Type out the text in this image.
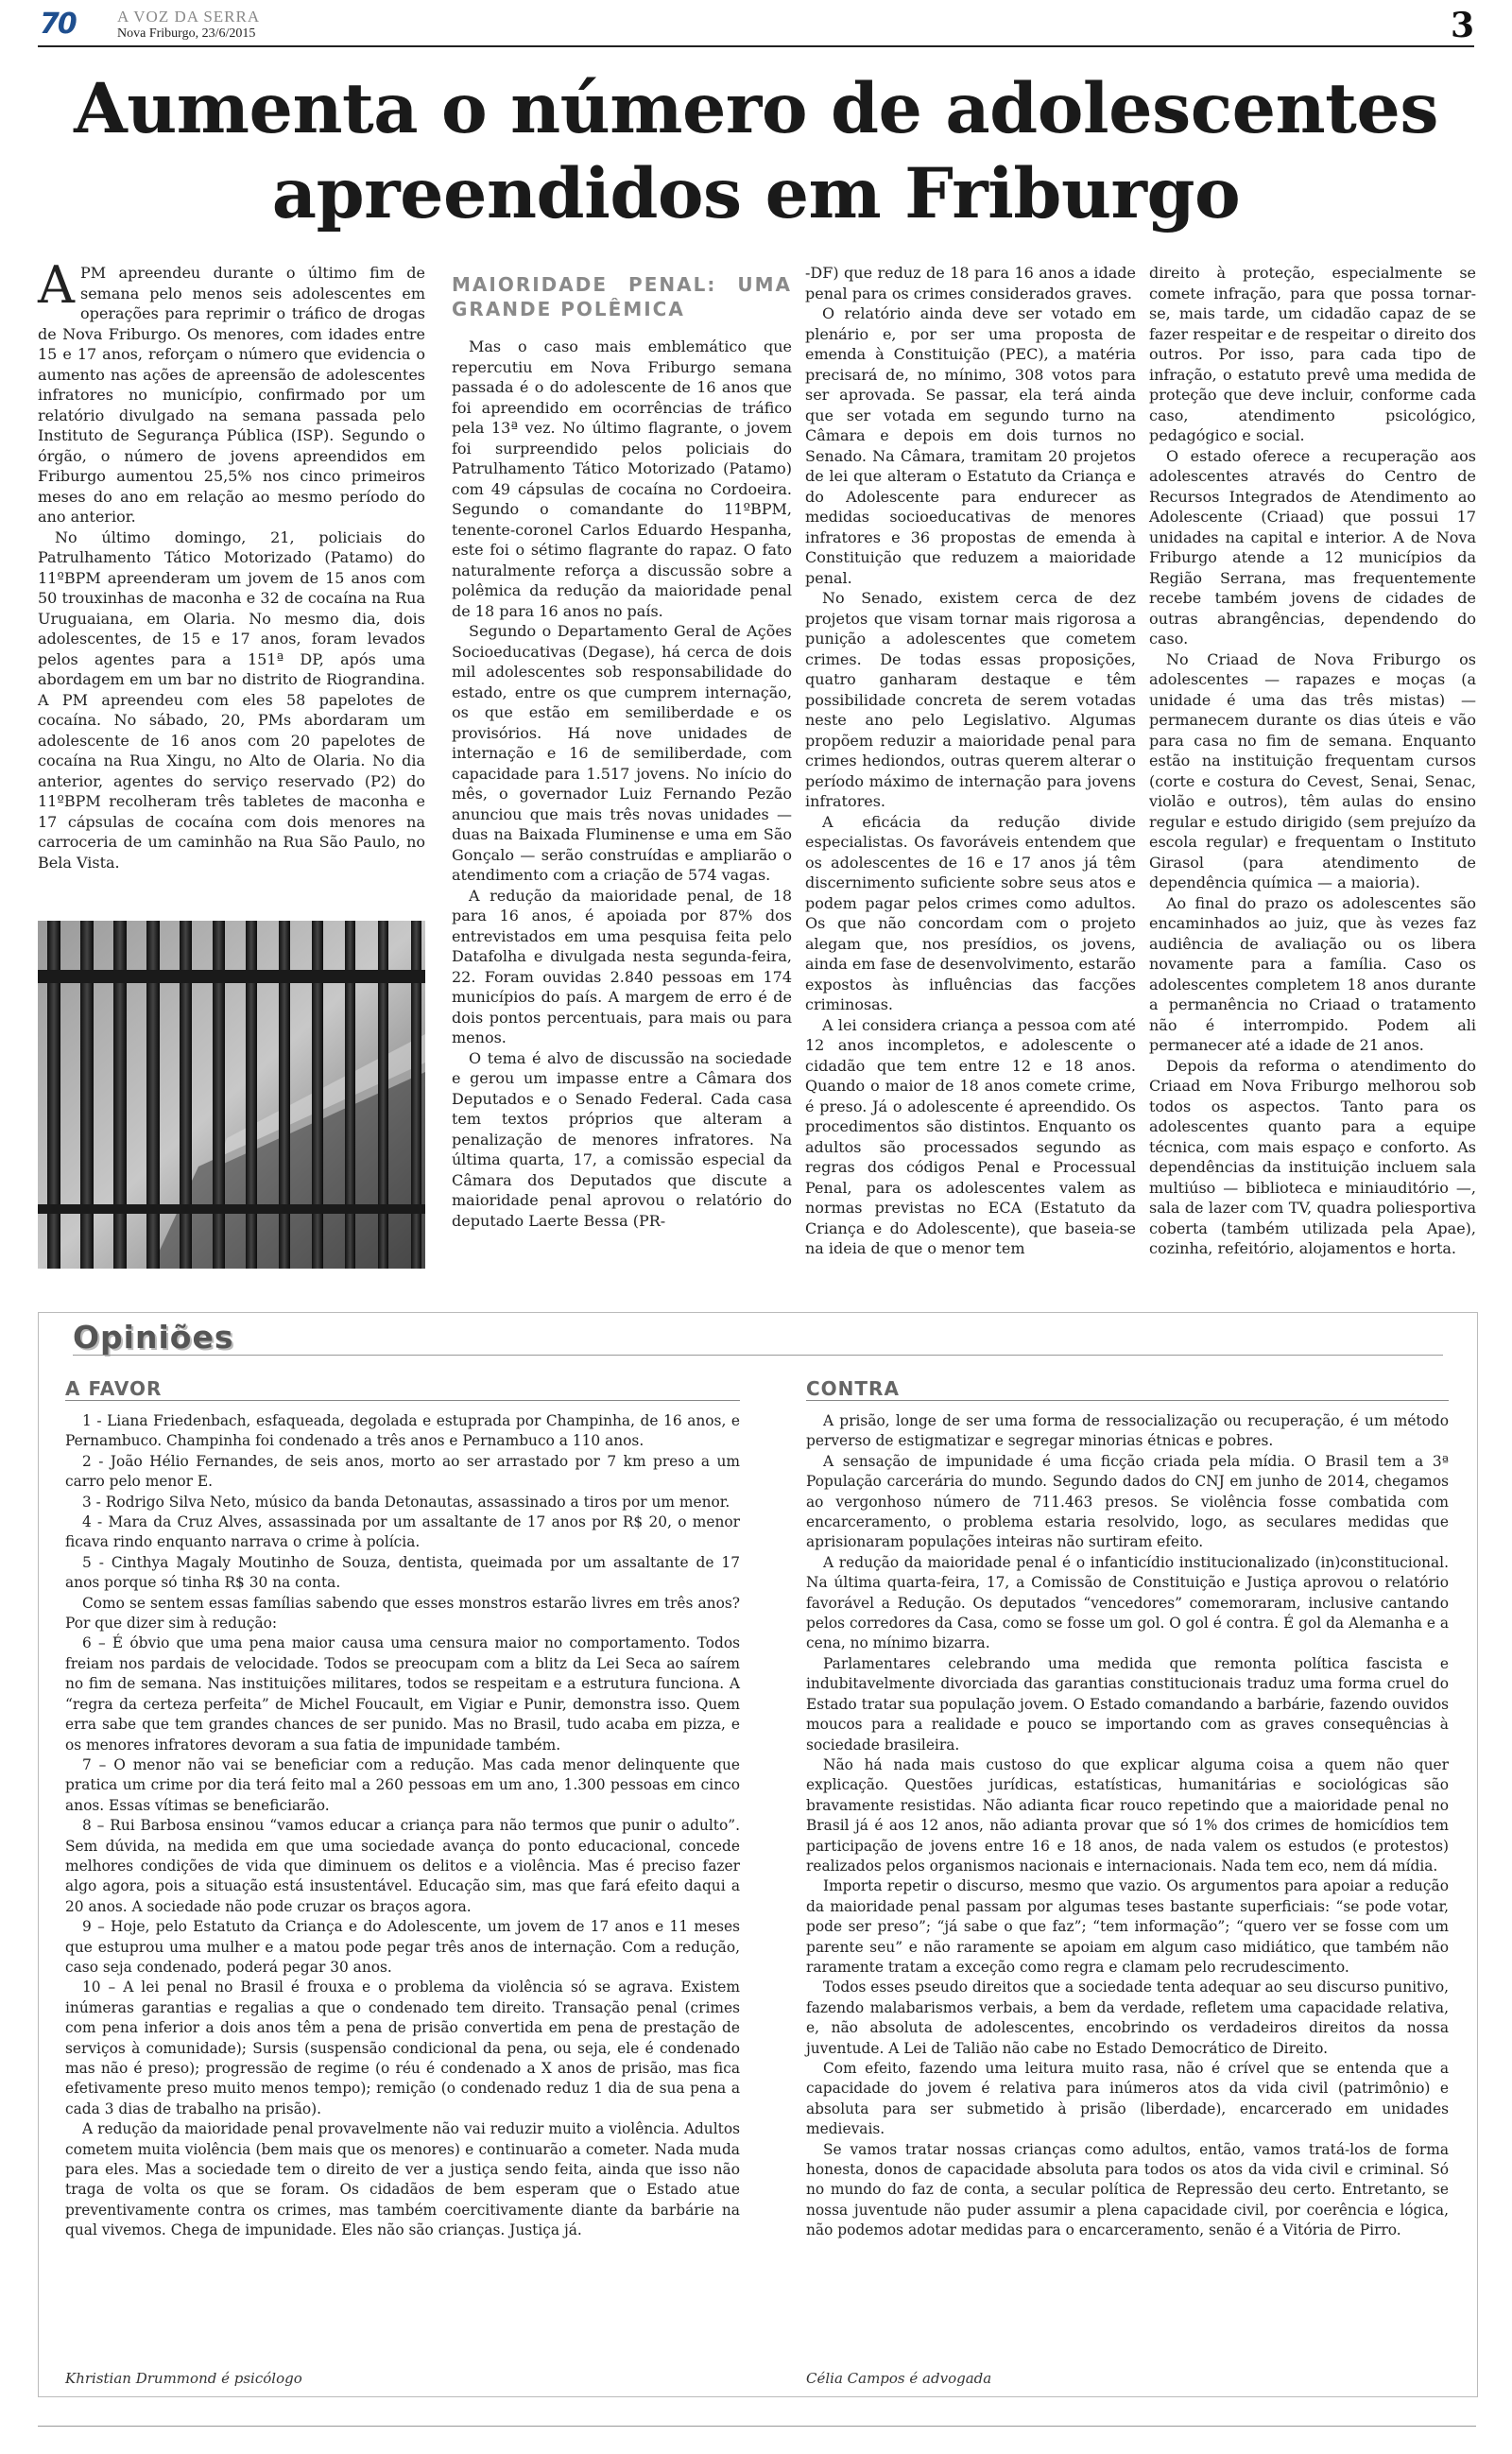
70	A VOZ DA SERRA
Nova Friburgo, 23/6/2015	3
Aumenta o número de adolescentes
apreendidos em Friburgo

APM apreendeu durante o último fim de semana pelo menos seis adolescentes em operações para reprimir o tráfico de drogas de Nova Friburgo. Os menores, com idades entre 15 e 17 anos, reforçam o número que evidencia o aumento nas ações de apreensão de adolescentes infratores no município, confirmado por um relatório divulgado na semana passada pelo Instituto de Segurança Pública (ISP). Segundo o órgão, o número de jovens apreendidos em Friburgo aumentou 25,5% nos cinco primeiros meses do ano em relação ao mesmo período do ano anterior.

No último domingo, 21, policiais do Patrulhamento Tático Motorizado (Patamo) do 11ºBPM apreenderam um jovem de 15 anos com 50 trouxinhas de maconha e 32 de cocaína na Rua Uruguaiana, em Olaria. No mesmo dia, dois adolescentes, de 15 e 17 anos, foram levados pelos agentes para a 151ª DP, após uma abordagem em um bar no distrito de Riograndina. A PM apreendeu com eles 58 papelotes de cocaína. No sábado, 20, PMs abordaram um adolescente de 16 anos com 20 papelotes de cocaína na Rua Xingu, no Alto de Olaria. No dia anterior, agentes do serviço reservado (P2) do 11ºBPM recolheram três tabletes de maconha e 17 cápsulas de cocaína com dois menores na carroceria de um caminhão na Rua São Paulo, no Bela Vista.

MAIORIDADE PENAL: UMA GRANDE POLÊMICA

Mas o caso mais emblemático que repercutiu em Nova Friburgo semana passada é o do adolescente de 16 anos que foi apreendido em ocorrências de tráfico pela 13ª vez. No último flagrante, o jovem foi surpreendido pelos policiais do Patrulhamento Tático Motorizado (Patamo) com 49 cápsulas de cocaína no Cordoeira. Segundo o comandante do 11ºBPM, tenente-coronel Carlos Eduardo Hespanha, este foi o sétimo flagrante do rapaz. O fato naturalmente reforça a discussão sobre a polêmica da redução da maioridade penal de 18 para 16 anos no país.

Segundo o Departamento Geral de Ações Socioeducativas (Degase), há cerca de dois mil adolescentes sob responsabilidade do estado, entre os que cumprem internação, os que estão em semiliberdade e os provisórios. Há nove unidades de internação e 16 de semiliberdade, com capacidade para 1.517 jovens. No início do mês, o governador Luiz Fernando Pezão anunciou que mais três novas unidades — duas na Baixada Fluminense e uma em São Gonçalo — serão construídas e ampliarão o atendimento com a criação de 574 vagas.

A redução da maioridade penal, de 18 para 16 anos, é apoiada por 87% dos entrevistados em uma pesquisa feita pelo Datafolha e divulgada nesta segunda-feira, 22. Foram ouvidas 2.840 pessoas em 174 municípios do país. A margem de erro é de dois pontos percentuais, para mais ou para menos.

O tema é alvo de discussão na sociedade e gerou um impasse entre a Câmara dos Deputados e o Senado Federal. Cada casa tem textos próprios que alteram a penalização de menores infratores. Na última quarta, 17, a comissão especial da Câmara dos Deputados que discute a maioridade penal aprovou o relatório do deputado Laerte Bessa (PR-

-DF) que reduz de 18 para 16 anos a idade penal para os crimes considerados graves.

O relatório ainda deve ser votado em plenário e, por ser uma proposta de emenda à Constituição (PEC), a matéria precisará de, no mínimo, 308 votos para ser aprovada. Se passar, ela terá ainda que ser votada em segundo turno na Câmara e depois em dois turnos no Senado. Na Câmara, tramitam 20 projetos de lei que alteram o Estatuto da Criança e do Adolescente para endurecer as medidas socioeducativas de menores infratores e 36 propostas de emenda à Constituição que reduzem a maioridade penal.

No Senado, existem cerca de dez projetos que visam tornar mais rigorosa a punição a adolescentes que cometem crimes. De todas essas proposições, quatro ganharam destaque e têm possibilidade concreta de serem votadas neste ano pelo Legislativo. Algumas propõem reduzir a maioridade penal para crimes hediondos, outras querem alterar o período máximo de internação para jovens infratores.

A eficácia da redução divide especialistas. Os favoráveis entendem que os adolescentes de 16 e 17 anos já têm discernimento suficiente sobre seus atos e podem pagar pelos crimes como adultos. Os que não concordam com o projeto alegam que, nos presídios, os jovens, ainda em fase de desenvolvimento, estarão expostos às influências das facções criminosas.

A lei considera criança a pessoa com até 12 anos incompletos, e adolescente o cidadão que tem entre 12 e 18 anos. Quando o maior de 18 anos comete crime, é preso. Já o adolescente é apreendido. Os procedimentos são distintos. Enquanto os adultos são processados segundo as regras dos códigos Penal e Processual Penal, para os adolescentes valem as normas previstas no ECA (Estatuto da Criança e do Adolescente), que baseia-se na ideia de que o menor tem

direito à proteção, especialmente se comete infração, para que possa tornar-se, mais tarde, um cidadão capaz de se fazer respeitar e de respeitar o direito dos outros. Por isso, para cada tipo de infração, o estatuto prevê uma medida de proteção que deve incluir, conforme cada caso, atendimento psicológico, pedagógico e social.

O estado oferece a recuperação aos adolescentes através do Centro de Recursos Integrados de Atendimento ao Adolescente (Criaad) que possui 17 unidades na capital e interior. A de Nova Friburgo atende a 12 municípios da Região Serrana, mas frequentemente recebe também jovens de cidades de outras abrangências, dependendo do caso.

No Criaad de Nova Friburgo os adolescentes — rapazes e moças (a unidade é uma das três mistas) — permanecem durante os dias úteis e vão para casa no fim de semana. Enquanto estão na instituição frequentam cursos (corte e costura do Cevest, Senai, Senac, violão e outros), têm aulas do ensino regular e estudo dirigido (sem prejuízo da escola regular) e frequentam o Instituto Girasol (para atendimento de dependência química — a maioria).

Ao final do prazo os adolescentes são encaminhados ao juiz, que às vezes faz audiência de avaliação ou os libera novamente para a família. Caso os adolescentes completem 18 anos durante a permanência no Criaad o tratamento não é interrompido. Podem ali permanecer até a idade de 21 anos.

Depois da reforma o atendimento do Criaad em Nova Friburgo melhorou sob todos os aspectos. Tanto para os adolescentes quanto para a equipe técnica, com mais espaço e conforto. As dependências da instituição incluem sala multiúso — biblioteca e miniauditório —, sala de lazer com TV, quadra poliesportiva coberta (também utilizada pela Apae), cozinha, refeitório, alojamentos e horta.

Opiniões
A FAVOR	CONTRA

1 - Liana Friedenbach, esfaqueada, degolada e estuprada por Champinha, de 16 anos, e Pernambuco. Champinha foi condenado a três anos e Pernambuco a 110 anos.

2 - João Hélio Fernandes, de seis anos, morto ao ser arrastado por 7 km preso a um carro pelo menor E.

3 - Rodrigo Silva Neto, músico da banda Detonautas, assassinado a tiros por um menor.

4 - Mara da Cruz Alves, assassinada por um assaltante de 17 anos por R$ 20, o menor ficava rindo enquanto narrava o crime à polícia.

5 - Cinthya Magaly Moutinho de Souza, dentista, queimada por um assaltante de 17 anos porque só tinha R$ 30 na conta.

Como se sentem essas famílias sabendo que esses monstros estarão livres em três anos? Por que dizer sim à redução:

6 – É óbvio que uma pena maior causa uma censura maior no comportamento. Todos freiam nos pardais de velocidade. Todos se preocupam com a blitz da Lei Seca ao saírem no fim de semana. Nas instituições militares, todos se respeitam e a estrutura funciona. A “regra da certeza perfeita” de Michel Foucault, em Vigiar e Punir, demonstra isso. Quem erra sabe que tem grandes chances de ser punido. Mas no Brasil, tudo acaba em pizza, e os menores infratores devoram a sua fatia de impunidade também.

7 – O menor não vai se beneficiar com a redução. Mas cada menor delinquente que pratica um crime por dia terá feito mal a 260 pessoas em um ano, 1.300 pessoas em cinco anos. Essas vítimas se beneficiarão.

8 – Rui Barbosa ensinou “vamos educar a criança para não termos que punir o adulto”. Sem dúvida, na medida em que uma sociedade avança do ponto educacional, concede melhores condições de vida que diminuem os delitos e a violência. Mas é preciso fazer algo agora, pois a situação está insustentável. Educação sim, mas que fará efeito daqui a 20 anos. A sociedade não pode cruzar os braços agora.

9 – Hoje, pelo Estatuto da Criança e do Adolescente, um jovem de 17 anos e 11 meses que estuprou uma mulher e a matou pode pegar três anos de internação. Com a redução, caso seja condenado, poderá pegar 30 anos.

10 – A lei penal no Brasil é frouxa e o problema da violência só se agrava. Existem inúmeras garantias e regalias a que o condenado tem direito. Transação penal (crimes com pena inferior a dois anos têm a pena de prisão convertida em pena de prestação de serviços à comunidade); Sursis (suspensão condicional da pena, ou seja, ele é condenado mas não é preso); progressão de regime (o réu é condenado a X anos de prisão, mas fica efetivamente preso muito menos tempo); remição (o condenado reduz 1 dia de sua pena a cada 3 dias de trabalho na prisão).

A redução da maioridade penal provavelmente não vai reduzir muito a violência. Adultos cometem muita violência (bem mais que os menores) e continuarão a cometer. Nada muda para eles. Mas a sociedade tem o direito de ver a justiça sendo feita, ainda que isso não traga de volta os que se foram. Os cidadãos de bem esperam que o Estado atue preventivamente contra os crimes, mas também coercitivamente diante da barbárie na qual vivemos. Chega de impunidade. Eles não são crianças. Justiça já.

A prisão, longe de ser uma forma de ressocialização ou recuperação, é um método perverso de estigmatizar e segregar minorias étnicas e pobres.

A sensação de impunidade é uma ficção criada pela mídia. O Brasil tem a 3ª População carcerária do mundo. Segundo dados do CNJ em junho de 2014, chegamos ao vergonhoso número de 711.463 presos. Se violência fosse combatida com encarceramento, o problema estaria resolvido, logo, as seculares medidas que aprisionaram populações inteiras não surtiram efeito.

A redução da maioridade penal é o infanticídio institucionalizado (in)constitucional. Na última quarta-feira, 17, a Comissão de Constituição e Justiça aprovou o relatório favorável a Redução. Os deputados “vencedores” comemoraram, inclusive cantando pelos corredores da Casa, como se fosse um gol. O gol é contra. É gol da Alemanha e a cena, no mínimo bizarra.

Parlamentares celebrando uma medida que remonta política fascista e indubitavelmente divorciada das garantias constitucionais traduz uma forma cruel do Estado tratar sua população jovem. O Estado comandando a barbárie, fazendo ouvidos moucos para a realidade e pouco se importando com as graves consequências à sociedade brasileira.

Não há nada mais custoso do que explicar alguma coisa a quem não quer explicação. Questões jurídicas, estatísticas, humanitárias e sociológicas são bravamente resistidas. Não adianta ficar rouco repetindo que a maioridade penal no Brasil já é aos 12 anos, não adianta provar que só 1% dos crimes de homicídios tem participação de jovens entre 16 e 18 anos, de nada valem os estudos (e protestos) realizados pelos organismos nacionais e internacionais. Nada tem eco, nem dá mídia.

Importa repetir o discurso, mesmo que vazio. Os argumentos para apoiar a redução da maioridade penal passam por algumas teses bastante superficiais: “se pode votar, pode ser preso”; “já sabe o que faz”; “tem informação”; “quero ver se fosse com um parente seu” e não raramente se apoiam em algum caso midiático, que também não raramente tratam a exceção como regra e clamam pelo recrudescimento.

Todos esses pseudo direitos que a sociedade tenta adequar ao seu discurso punitivo, fazendo malabarismos verbais, a bem da verdade, refletem uma capacidade relativa, e, não absoluta de adolescentes, encobrindo os verdadeiros direitos da nossa juventude. A Lei de Talião não cabe no Estado Democrático de Direito.

Com efeito, fazendo uma leitura muito rasa, não é crível que se entenda que a capacidade do jovem é relativa para inúmeros atos da vida civil (patrimônio) e absoluta para ser submetido à prisão (liberdade), encarcerado em unidades medievais.

Se vamos tratar nossas crianças como adultos, então, vamos tratá-los de forma honesta, donos de capacidade absoluta para todos os atos da vida civil e criminal. Só no mundo do faz de conta, a secular política de Repressão deu certo. Entretanto, se nossa juventude não puder assumir a plena capacidade civil, por coerência e lógica, não podemos adotar medidas para o encarceramento, senão é a Vitória de Pirro.

Khristian Drummond é psicólogo	Célia Campos é advogada
